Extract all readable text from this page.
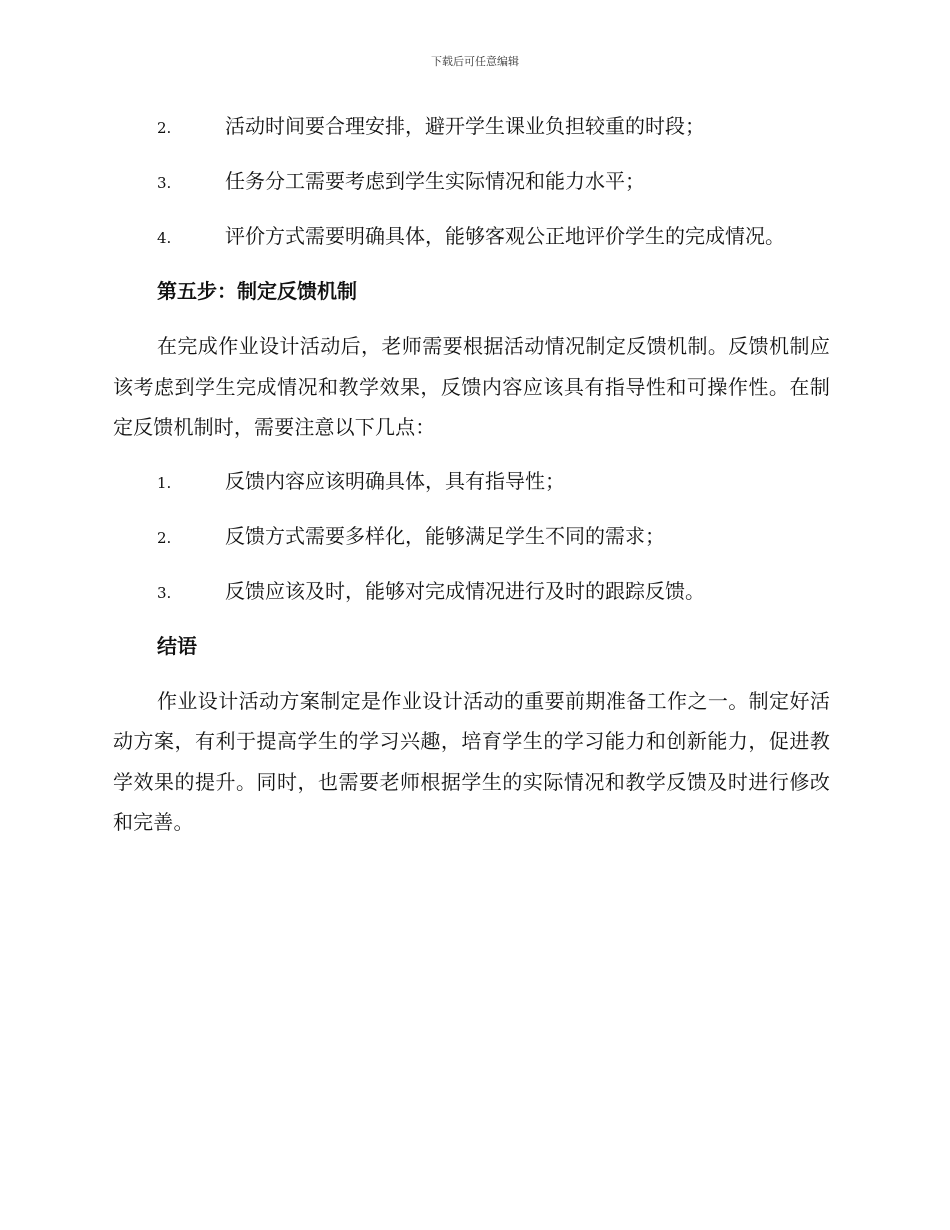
下载后可任意编辑
2.	活动时间要合理安排，避开学生课业负担较重的时段；
3.	任务分工需要考虑到学生实际情况和能力水平；
4.	评价方式需要明确具体，能够客观公正地评价学生的完成情况。
第五步：制定反馈机制

在完成作业设计活动后，老师需要根据活动情况制定反馈机制。反馈机制应该考虑到学生完成情况和教学效果，反馈内容应该具有指导性和可操作性。在制定反馈机制时，需要注意以下几点：

1.	反馈内容应该明确具体，具有指导性；
2.	反馈方式需要多样化，能够满足学生不同的需求；
3.	反馈应该及时，能够对完成情况进行及时的跟踪反馈。
结语

作业设计活动方案制定是作业设计活动的重要前期准备工作之一。制定好活动方案，有利于提高学生的学习兴趣，培育学生的学习能力和创新能力，促进教学效果的提升。同时，也需要老师根据学生的实际情况和教学反馈及时进行修改和完善。
